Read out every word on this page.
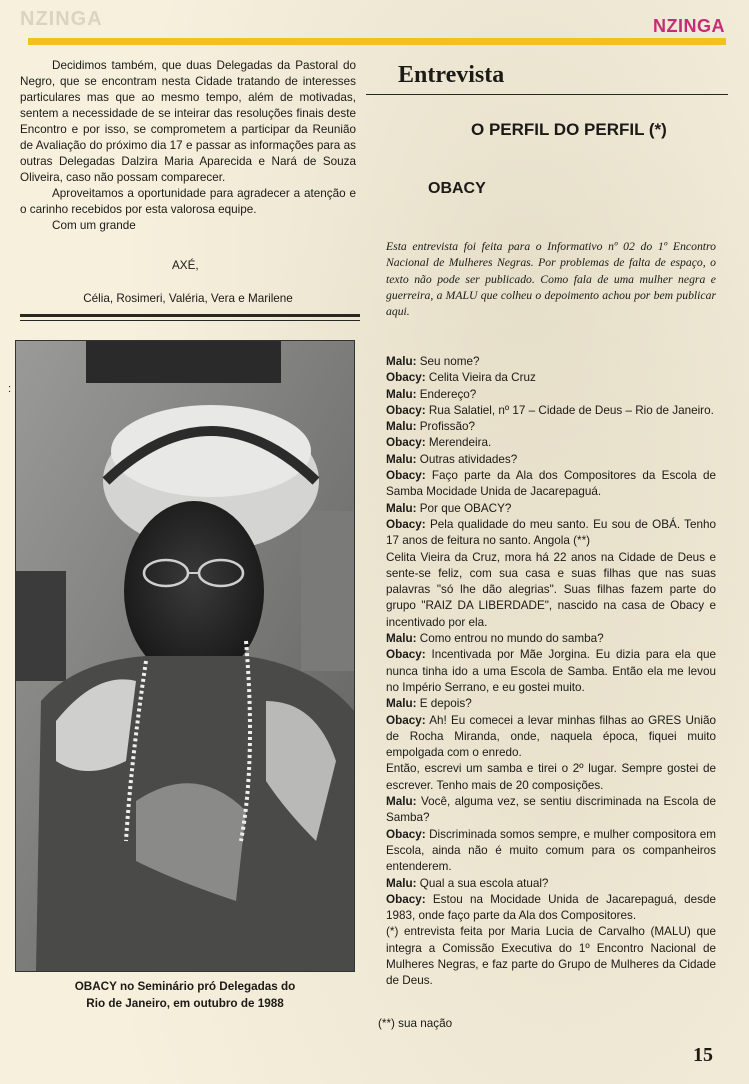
NZINGA	NZINGA

Decidimos também, que duas Delegadas da Pastoral do Negro, que se encontram nesta Cidade tratando de interesses particulares mas que ao mesmo tempo, além de motivadas, sentem a necessidade de se inteirar das resoluções finais deste Encontro e por isso, se comprometem a participar da Reunião de Avaliação do próximo dia 17 e passar as informações para as outras Delegadas Dalzira Maria Aparecida e Nará de Souza Oliveira, caso não possam comparecer.

Aproveitamos a oportunidade para agradecer a atenção e o carinho recebidos por esta valorosa equipe.

Com um grande

AXÉ,
Célia, Rosimeri, Valéria, Vera e Marilene
:
OBACY no Seminário pró Delegadas do
Rio de Janeiro, em outubro de 1988
Entrevista
O PERFIL DO PERFIL (*)
OBACY
Esta entrevista foi feita para o Informativo nº 02 do 1º Encontro Nacional de Mulheres Negras. Por problemas de falta de espaço, o texto não pode ser publicado. Como fala de uma mulher negra e guerreira, a MALU que colheu o depoimento achou por bem publicar aqui.

Malu: Seu nome?

Obacy: Celita Vieira da Cruz

Malu: Endereço?

Obacy: Rua Salatiel, nº 17 – Cidade de Deus – Rio de Janeiro.

Malu: Profissão?

Obacy: Merendeira.

Malu: Outras atividades?

Obacy: Faço parte da Ala dos Compositores da Escola de Samba Mocidade Unida de Jacarepaguá.

Malu: Por que OBACY?

Obacy: Pela qualidade do meu santo. Eu sou de OBÁ. Tenho 17 anos de feitura no santo. Angola (**)

Celita Vieira da Cruz, mora há 22 anos na Cidade de Deus e sente-se feliz, com sua casa e suas filhas que nas suas palavras "só lhe dão alegrias". Suas filhas fazem parte do grupo "RAIZ DA LIBERDADE", nascido na casa de Obacy e incentivado por ela.

Malu: Como entrou no mundo do samba?

Obacy: Incentivada por Mãe Jorgina. Eu dizia para ela que nunca tinha ido a uma Escola de Samba. Então ela me levou no Império Serrano, e eu gostei muito.

Malu: E depois?

Obacy: Ah! Eu comecei a levar minhas filhas ao GRES União de Rocha Miranda, onde, naquela época, fiquei muito empolgada com o enredo.

Então, escrevi um samba e tirei o 2º lugar. Sempre gostei de escrever. Tenho mais de 20 composições.

Malu: Você, alguma vez, se sentiu discriminada na Escola de Samba?

Obacy: Discriminada somos sempre, e mulher compositora em Escola, ainda não é muito comum para os companheiros entenderem.

Malu: Qual a sua escola atual?

Obacy: Estou na Mocidade Unida de Jacarepaguá, desde 1983, onde faço parte da Ala dos Compositores.

(*) entrevista feita por Maria Lucia de Carvalho (MALU) que integra a Comissão Executiva do 1º Encontro Nacional de Mulheres Negras, e faz parte do Grupo de Mulheres da Cidade de Deus.

(**) sua nação
15
